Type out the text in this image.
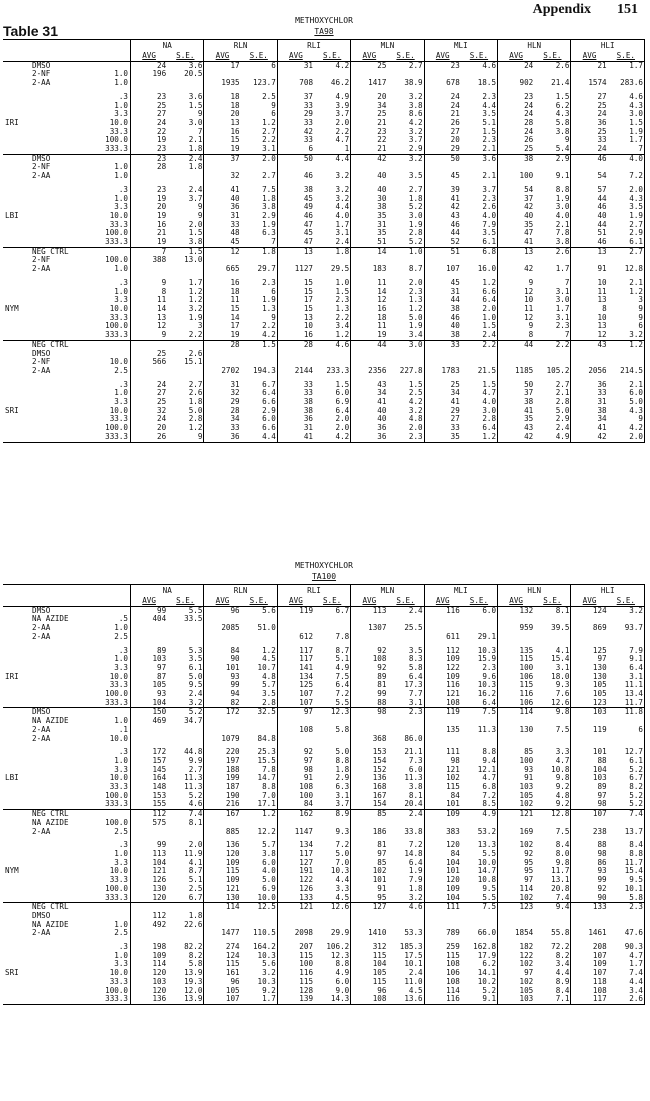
Appendix 151
Table 31
METHOXYCHLOR
TA98
			NA		RLN		RLI		MLN		MLI		HLN		HLI	
			AVG	S.E.	AVG	S.E.	AVG	S.E.	AVG	S.E.	AVG	S.E.	AVG	S.E.	AVG	S.E.
	DMSO		24	3.6	17	6	31	4.2	25	2.7	23	4.6	24	2.6	21	1.7
	2-NF	1.0	196	20.5												
	2-AA	1.0			1935	123.7	708	46.2	1417	38.9	678	18.5	902	21.4	1574	283.6

		.3	23	3.6	18	2.5	37	4.9	20	3.2	24	2.3	23	1.5	27	4.6
		1.0	25	1.5	18	9	33	3.9	34	3.8	24	4.4	24	6.2	25	4.3
		3.3	27	9	20	6	29	3.7	25	8.6	21	3.5	24	4.3	24	3.0
IRI		10.0	24	3.0	13	1.2	33	2.0	21	4.2	26	5.1	28	5.8	36	1.5
		33.3	22	7	16	2.7	42	2.2	23	3.2	27	1.5	24	3.8	25	1.9
		100.0	19	2.1	15	2.2	33	4.7	22	3.7	20	2.3	26	9	33	1.7
		333.3	23	1.8	19	3.1	6	1	21	2.9	29	2.1	25	5.4	24	7
	DMSO		23	2.4	37	2.0	50	4.4	42	3.2	50	3.6	38	2.9	46	4.0
	2-NF	1.0	28	1.8												
	2-AA	1.0			32	2.7	46	3.2	40	3.5	45	2.1	100	9.1	54	7.2

		.3	23	2.4	41	7.5	38	3.2	40	2.7	39	3.7	54	8.8	57	2.0
		1.0	19	3.7	40	1.8	45	3.2	30	1.8	41	2.3	37	1.9	44	4.3
		3.3	20	9	36	3.8	49	4.4	38	5.2	42	2.6	42	3.0	46	3.5
LBI		10.0	19	9	31	2.9	46	4.0	35	3.0	43	4.0	40	4.0	40	1.9
		33.3	16	2.0	33	1.9	47	1.7	31	1.9	46	7.9	35	2.1	44	2.7
		100.0	21	1.5	48	6.3	45	3.1	35	2.8	44	3.5	47	7.8	51	2.9
		333.3	19	3.8	45	7	47	2.4	51	5.2	52	6.1	41	3.8	46	6.1
	NEG CTRL		7	1.5	12	1.8	13	1.8	14	1.0	51	6.8	13	2.6	13	2.7
	2-NF	100.0	388	13.0												
	2-AA	1.0			665	29.7	1127	29.5	183	8.7	107	16.0	42	1.7	91	12.8

		.3	9	1.7	16	2.3	15	1.0	11	2.0	45	1.2	9	7	10	2.1
		1.0	8	1.2	18	6	15	1.5	14	2.3	31	6.6	12	3.1	11	1.2
		3.3	11	1.2	11	1.9	17	2.3	12	1.3	44	6.4	10	3.0	13	3
NYM		10.0	14	3.2	15	1.3	15	1.3	16	1.2	38	2.0	11	1.7	8	9
		33.3	13	1.9	14	9	13	2.2	18	5.0	46	1.0	12	3.1	10	9
		100.0	12	3	17	2.2	10	3.4	11	1.9	40	1.5	9	2.3	13	6
		333.3	9	2.2	19	4.2	16	1.2	19	3.4	38	2.4	8	7	12	3.2
	NEG CTRL				28	1.5	28	4.6	44	3.0	33	2.2	44	2.2	43	1.2
	DMSO		25	2.6												
	2-NF	10.0	566	15.1												
	2-AA	2.5			2702	194.3	2144	233.3	2356	227.8	1783	21.5	1185	105.2	2056	214.5

		.3	24	2.7	31	6.7	33	1.5	43	1.5	25	1.5	50	2.7	36	2.1
		1.0	27	2.6	32	6.4	33	6.0	34	2.5	34	4.7	37	2.1	33	6.0
		3.3	25	1.8	29	6.6	38	6.9	41	4.2	41	4.0	38	2.8	31	5.0
SRI		10.0	32	5.0	28	2.9	38	6.4	40	3.2	29	3.0	41	5.0	38	4.3
		33.3	24	2.8	34	6.0	36	2.0	40	4.8	27	2.8	35	2.9	34	9
		100.0	20	1.2	33	6.6	31	2.0	36	2.0	33	6.4	43	2.4	41	4.2
		333.3	26	9	36	4.4	41	4.2	36	2.3	35	1.2	42	4.9	42	2.0
METHOXYCHLOR
TA100
			NA		RLN		RLI		MLN		MLI		HLN		HLI	
			AVG	S.E.	AVG	S.E.	AVG	S.E.	AVG	S.E.	AVG	S.E.	AVG	S.E.	AVG	S.E.
	DMSO		99	5.5	96	5.6	119	6.7	113	2.4	116	6.0	132	8.1	124	3.2
	NA AZIDE	.5	404	33.5												
	2-AA	1.0			2085	51.0			1307	25.5			959	39.5	869	93.7
	2-AA	2.5					612	7.8			611	29.1				

		.3	89	5.3	84	1.2	117	8.7	92	3.5	112	10.3	135	4.1	125	7.9
		1.0	103	3.5	90	4.5	117	5.1	108	8.3	109	15.9	115	15.4	97	9.1
		3.3	97	6.1	101	10.7	141	4.9	92	5.8	122	2.3	100	3.1	130	6.4
IRI		10.0	87	5.0	93	4.8	134	7.5	89	6.4	109	9.6	106	18.0	130	3.1
		33.3	105	9.5	99	5.7	125	6.4	81	17.3	116	10.3	115	9.3	105	11.1
		100.0	93	2.4	94	3.5	107	7.2	99	7.7	121	16.2	116	7.6	105	13.4
		333.3	104	3.2	82	2.8	107	5.5	88	3.1	108	6.4	106	12.6	123	11.7
	DMSO		150	5.2	172	32.5	97	12.3	98	2.3	119	7.5	114	9.8	103	11.8
	NA AZIDE	1.0	469	34.7												
	2-AA	.1					108	5.8			135	11.3	130	7.5	119	6
	2-AA	10.0			1079	84.8			368	86.0						

		.3	172	44.8	220	25.3	92	5.0	153	21.1	111	8.8	85	3.3	101	12.7
		1.0	157	9.9	197	15.5	97	8.8	154	7.3	98	9.4	100	4.7	88	6.1
		3.3	145	2.7	188	7.8	98	1.8	152	6.0	121	12.1	93	10.8	104	5.2
LBI		10.0	164	11.3	199	14.7	91	2.9	136	11.3	102	4.7	91	9.8	103	6.7
		33.3	148	11.3	187	8.8	108	6.3	168	3.8	115	6.8	103	9.2	89	8.2
		100.0	153	5.2	190	7.0	100	3.1	167	8.1	84	7.2	105	4.8	97	5.2
		333.3	155	4.6	216	17.1	84	3.7	154	20.4	101	8.5	102	9.2	98	5.2
	NEG CTRL		112	7.4	167	1.2	162	8.9	85	2.4	109	4.9	121	12.8	107	7.4
	NA AZIDE	100.0	575	8.1												
	2-AA	2.5			885	12.2	1147	9.3	186	33.8	383	53.2	169	7.5	238	13.7

		.3	99	2.0	136	5.7	134	7.2	81	7.2	120	13.3	102	8.4	88	8.4
		1.0	113	11.9	120	3.8	117	5.0	97	14.8	84	5.5	92	8.0	98	8.8
		3.3	104	4.1	109	6.0	127	7.0	85	6.4	104	10.0	95	9.8	86	11.7
NYM		10.0	121	8.7	115	4.0	191	10.3	102	1.9	101	14.7	95	11.7	93	15.4
		33.3	126	5.1	109	5.0	122	4.4	101	7.9	120	10.8	97	13.1	99	9.5
		100.0	130	2.5	121	6.9	126	3.3	91	1.8	109	9.5	114	20.8	92	10.1
		333.3	120	6.7	130	10.0	133	4.5	95	3.2	104	5.5	102	7.4	90	5.8
	NEG CTRL				114	12.5	121	12.6	127	4.6	111	7.5	123	9.4	133	2.3
	DMSO		112	1.8												
	NA AZIDE	1.0	492	22.6												
	2-AA	2.5			1477	110.5	2098	29.9	1410	53.3	789	66.0	1854	55.8	1461	47.6

		.3	198	82.2	274	164.2	207	106.2	312	185.3	259	162.8	182	72.2	208	90.3
		1.0	109	8.2	124	10.3	115	12.3	115	17.5	115	17.9	122	8.2	107	4.7
		3.3	114	5.8	115	5.6	100	8.8	104	10.1	108	6.2	102	3.4	109	1.7
SRI		10.0	120	13.9	161	3.2	116	4.9	105	2.4	106	14.1	97	4.4	107	7.4
		33.3	103	19.3	96	10.3	115	6.0	115	11.0	108	10.2	102	8.9	118	4.4
		100.0	120	12.0	105	9.2	128	9.0	96	4.5	114	5.2	105	8.4	108	3.4
		333.3	136	13.9	107	1.7	139	14.3	108	13.6	116	9.1	103	7.1	117	2.6
